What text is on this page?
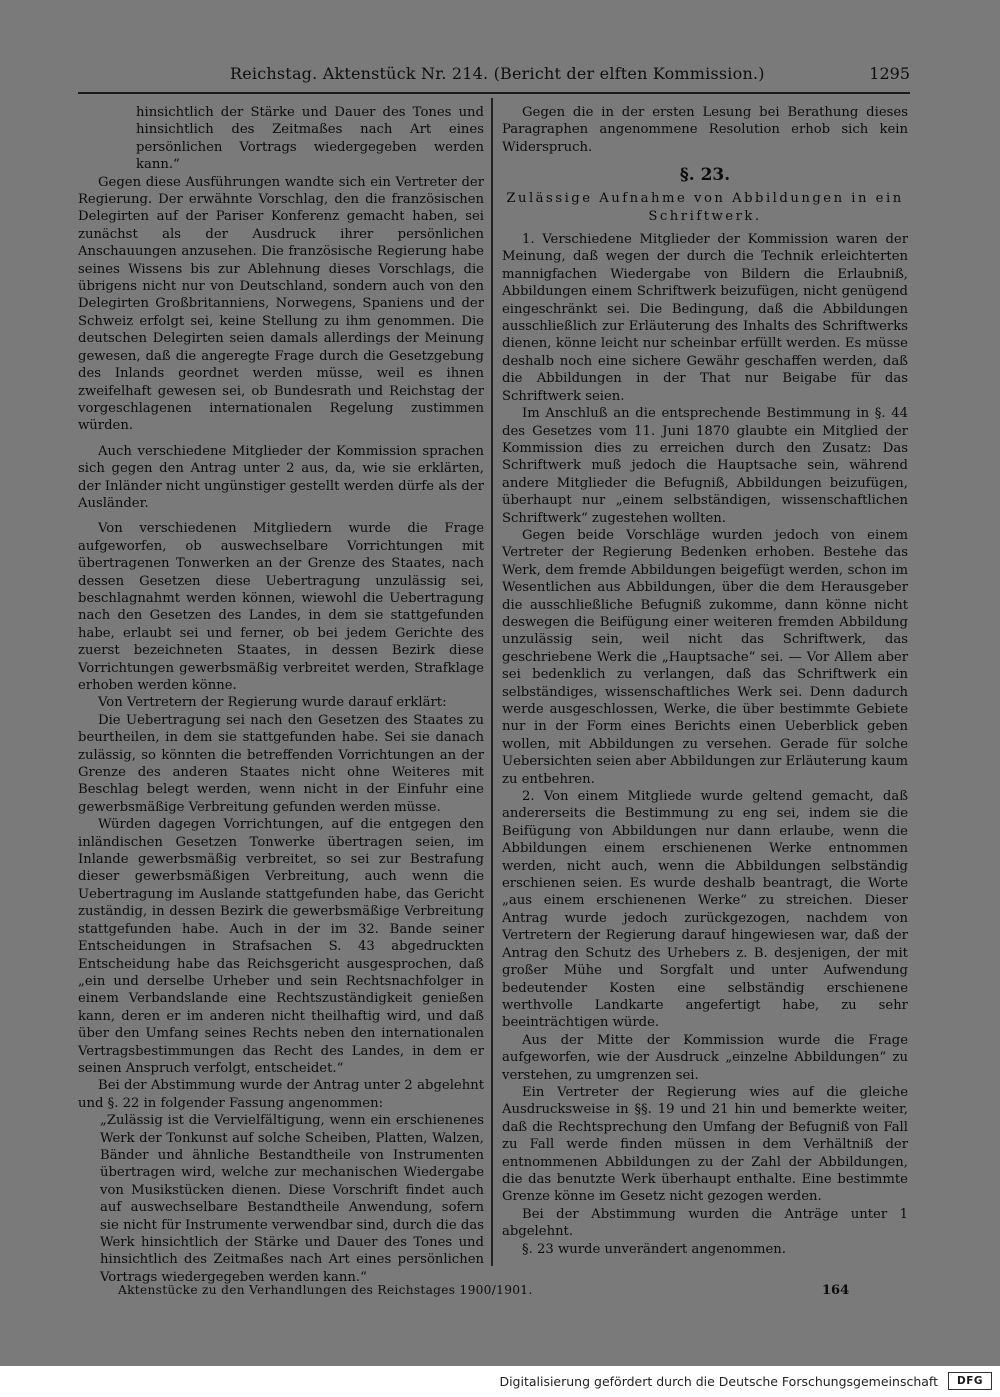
Reichstag. Aktenstück Nr. 214. (Bericht der elften Kommission.)	1295

hinsichtlich der Stärke und Dauer des Tones und hinsichtlich des Zeitmaßes nach Art eines persönlichen Vortrags wiedergegeben werden kann.“

Gegen diese Ausführungen wandte sich ein Vertreter der Regierung. Der erwähnte Vorschlag, den die französischen Delegirten auf der Pariser Konferenz gemacht haben, sei zunächst als der Ausdruck ihrer persönlichen Anschauungen anzusehen. Die französische Regierung habe seines Wissens bis zur Ablehnung dieses Vorschlags, die übrigens nicht nur von Deutschland, sondern auch von den Delegirten Großbritanniens, Norwegens, Spaniens und der Schweiz erfolgt sei, keine Stellung zu ihm genommen. Die deutschen Delegirten seien damals allerdings der Meinung gewesen, daß die angeregte Frage durch die Gesetzgebung des Inlands geordnet werden müsse, weil es ihnen zweifelhaft gewesen sei, ob Bundesrath und Reichstag der vorgeschlagenen internationalen Regelung zustimmen würden.

Auch verschiedene Mitglieder der Kommission sprachen sich gegen den Antrag unter 2 aus, da, wie sie erklärten, der Inländer nicht ungünstiger gestellt werden dürfe als der Ausländer.

Von verschiedenen Mitgliedern wurde die Frage aufgeworfen, ob auswechselbare Vorrichtungen mit übertragenen Tonwerken an der Grenze des Staates, nach dessen Gesetzen diese Uebertragung unzulässig sei, beschlagnahmt werden können, wiewohl die Uebertragung nach den Gesetzen des Landes, in dem sie stattgefunden habe, erlaubt sei und ferner, ob bei jedem Gerichte des zuerst bezeichneten Staates, in dessen Bezirk diese Vorrichtungen gewerbsmäßig verbreitet werden, Strafklage erhoben werden könne.

Von Vertretern der Regierung wurde darauf erklärt:

Die Uebertragung sei nach den Gesetzen des Staates zu beurtheilen, in dem sie stattgefunden habe. Sei sie danach zulässig, so könnten die betreffenden Vorrichtungen an der Grenze des anderen Staates nicht ohne Weiteres mit Beschlag belegt werden, wenn nicht in der Einfuhr eine gewerbsmäßige Verbreitung gefunden werden müsse.

Würden dagegen Vorrichtungen, auf die entgegen den inländischen Gesetzen Tonwerke übertragen seien, im Inlande gewerbsmäßig verbreitet, so sei zur Bestrafung dieser gewerbsmäßigen Verbreitung, auch wenn die Uebertragung im Auslande stattgefunden habe, das Gericht zuständig, in dessen Bezirk die gewerbsmäßige Verbreitung stattgefunden habe. Auch in der im 32. Bande seiner Entscheidungen in Strafsachen S. 43 abgedruckten Entscheidung habe das Reichsgericht ausgesprochen, daß „ein und derselbe Urheber und sein Rechtsnachfolger in einem Verbandslande eine Rechtszuständigkeit genießen kann, deren er im anderen nicht theilhaftig wird, und daß über den Umfang seines Rechts neben den internationalen Vertragsbestimmungen das Recht des Landes, in dem er seinen Anspruch verfolgt, entscheidet.“

Bei der Abstimmung wurde der Antrag unter 2 abgelehnt und §. 22 in folgender Fassung angenommen:

„Zulässig ist die Vervielfältigung, wenn ein erschienenes Werk der Tonkunst auf solche Scheiben, Platten, Walzen, Bänder und ähnliche Bestandtheile von Instrumenten übertragen wird, welche zur mechanischen Wiedergabe von Musikstücken dienen. Diese Vorschrift findet auch auf auswechselbare Bestandtheile Anwendung, sofern sie nicht für Instrumente verwendbar sind, durch die das Werk hinsichtlich der Stärke und Dauer des Tones und hinsichtlich des Zeitmaßes nach Art eines persönlichen Vortrags wiedergegeben werden kann.“

Gegen die in der ersten Lesung bei Berathung dieses Paragraphen angenommene Resolution erhob sich kein Widerspruch.

§. 23.
Zulässige Aufnahme von Abbildungen in ein Schriftwerk.

1. Verschiedene Mitglieder der Kommission waren der Meinung, daß wegen der durch die Technik erleichterten mannigfachen Wiedergabe von Bildern die Erlaubniß, Abbildungen einem Schriftwerk beizufügen, nicht genügend eingeschränkt sei. Die Bedingung, daß die Abbildungen ausschließlich zur Erläuterung des Inhalts des Schriftwerks dienen, könne leicht nur scheinbar erfüllt werden. Es müsse deshalb noch eine sichere Gewähr geschaffen werden, daß die Abbildungen in der That nur Beigabe für das Schriftwerk seien.

Im Anschluß an die entsprechende Bestimmung in §. 44 des Gesetzes vom 11. Juni 1870 glaubte ein Mitglied der Kommission dies zu erreichen durch den Zusatz: Das Schriftwerk muß jedoch die Hauptsache sein, während andere Mitglieder die Befugniß, Abbildungen beizufügen, überhaupt nur „einem selbständigen, wissenschaftlichen Schriftwerk“ zugestehen wollten.

Gegen beide Vorschläge wurden jedoch von einem Vertreter der Regierung Bedenken erhoben. Bestehe das Werk, dem fremde Abbildungen beigefügt werden, schon im Wesentlichen aus Abbildungen, über die dem Herausgeber die ausschließliche Befugniß zukomme, dann könne nicht deswegen die Beifügung einer weiteren fremden Abbildung unzulässig sein, weil nicht das Schriftwerk, das geschriebene Werk die „Hauptsache“ sei. — Vor Allem aber sei bedenklich zu verlangen, daß das Schriftwerk ein selbständiges, wissenschaftliches Werk sei. Denn dadurch werde ausgeschlossen, Werke, die über bestimmte Gebiete nur in der Form eines Berichts einen Ueberblick geben wollen, mit Abbildungen zu versehen. Gerade für solche Uebersichten seien aber Abbildungen zur Erläuterung kaum zu entbehren.

2. Von einem Mitgliede wurde geltend gemacht, daß andererseits die Bestimmung zu eng sei, indem sie die Beifügung von Abbildungen nur dann erlaube, wenn die Abbildungen einem erschienenen Werke entnommen werden, nicht auch, wenn die Abbildungen selbständig erschienen seien. Es wurde deshalb beantragt, die Worte „aus einem erschienenen Werke“ zu streichen. Dieser Antrag wurde jedoch zurückgezogen, nachdem von Vertretern der Regierung darauf hingewiesen war, daß der Antrag den Schutz des Urhebers z. B. desjenigen, der mit großer Mühe und Sorgfalt und unter Aufwendung bedeutender Kosten eine selbständig erschienene werthvolle Landkarte angefertigt habe, zu sehr beeinträchtigen würde.

Aus der Mitte der Kommission wurde die Frage aufgeworfen, wie der Ausdruck „einzelne Abbildungen“ zu verstehen, zu umgrenzen sei.

Ein Vertreter der Regierung wies auf die gleiche Ausdrucksweise in §§. 19 und 21 hin und bemerkte weiter, daß die Rechtsprechung den Umfang der Befugniß von Fall zu Fall werde finden müssen in dem Verhältniß der entnommenen Abbildungen zu der Zahl der Abbildungen, die das benutzte Werk überhaupt enthalte. Eine bestimmte Grenze könne im Gesetz nicht gezogen werden.

Bei der Abstimmung wurden die Anträge unter 1 abgelehnt.

§. 23 wurde unverändert angenommen.

Aktenstücke zu den Verhandlungen des Reichstages 1900/1901.	164
Digitalisierung gefördert durch die Deutsche Forschungsgemeinschaft	DFG
